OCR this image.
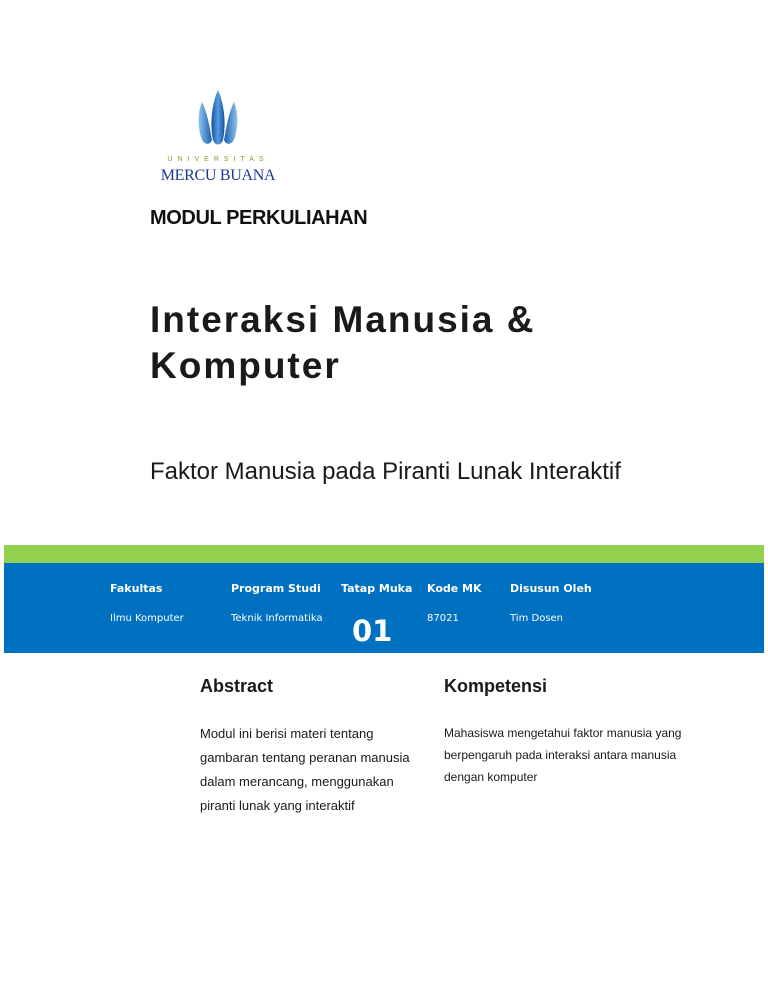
UNIVERSITAS
MERCU BUANA
MODUL PERKULIAHAN
Interaksi Manusia & Komputer
Faktor Manusia pada Piranti Lunak Interaktif
Fakultas
Ilmu Komputer
Program Studi
Teknik Informatika
Tatap Muka
01
Kode MK
87021
Disusun Oleh
Tim Dosen
Abstract
Modul ini berisi materi tentang gambaran tentang peranan manusia dalam merancang, menggunakan piranti lunak yang interaktif
Kompetensi
Mahasiswa mengetahui faktor manusia yang berpengaruh pada interaksi antara manusia dengan komputer
